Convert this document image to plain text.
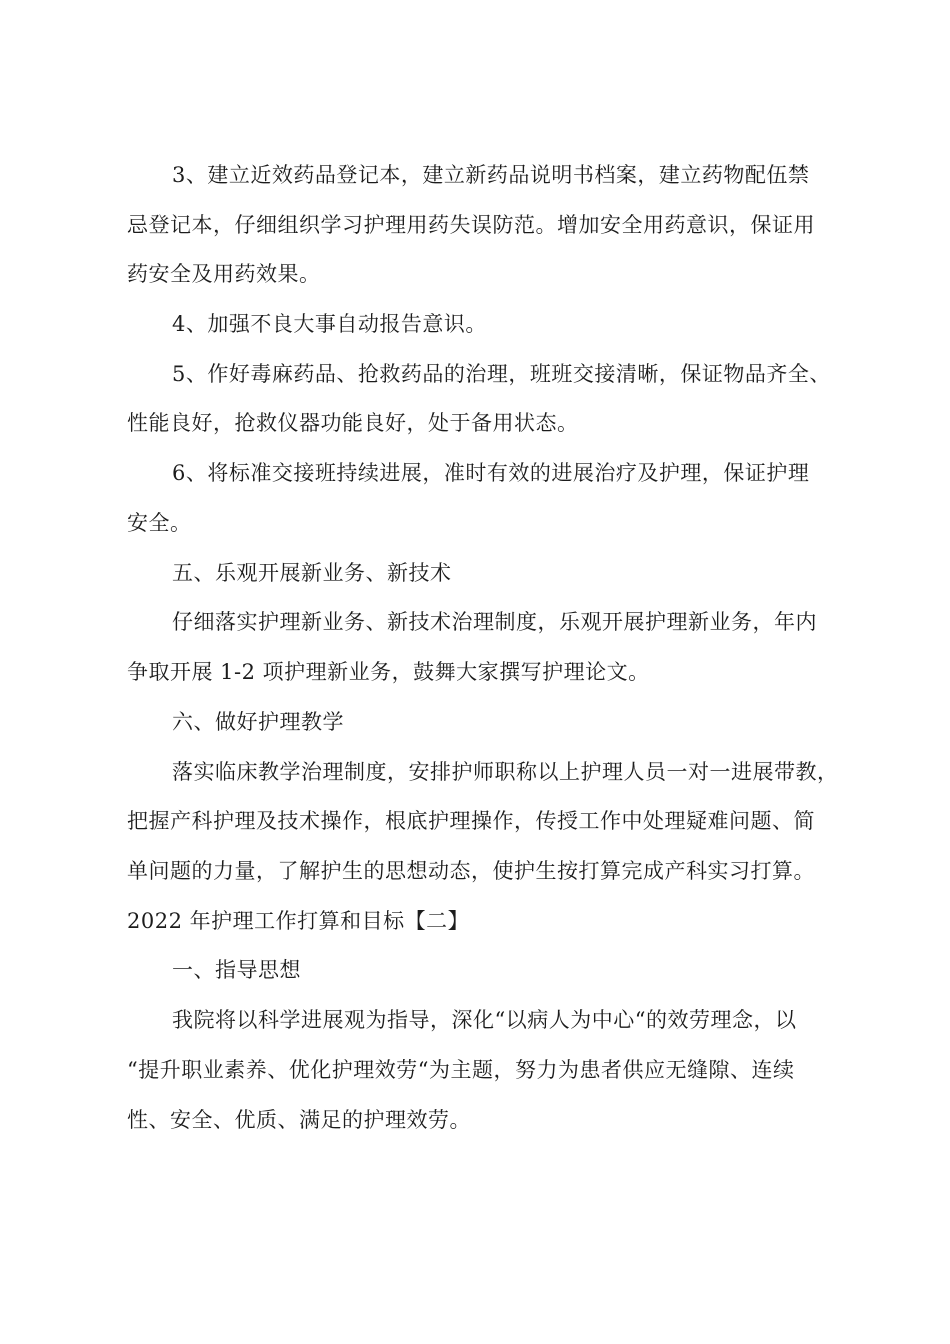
3、建立近效药品登记本，建立新药品说明书档案，建立药物配伍禁
忌登记本，仔细组织学习护理用药失误防范。增加安全用药意识，保证用
药安全及用药效果。
4、加强不良大事自动报告意识。
5、作好毒麻药品、抢救药品的治理，班班交接清晰，保证物品齐全、
性能良好，抢救仪器功能良好，处于备用状态。
6、将标准交接班持续进展，准时有效的进展治疗及护理，保证护理
安全。
五、乐观开展新业务、新技术
仔细落实护理新业务、新技术治理制度，乐观开展护理新业务，年内
争取开展 1-2 项护理新业务，鼓舞大家撰写护理论文。
六、做好护理教学
落实临床教学治理制度，安排护师职称以上护理人员一对一进展带教，
把握产科护理及技术操作，根底护理操作，传授工作中处理疑难问题、简
单问题的力量，了解护生的思想动态，使护生按打算完成产科实习打算。
2022 年护理工作打算和目标【二】
一、指导思想
我院将以科学进展观为指导，深化“以病人为中心“的效劳理念，以
“提升职业素养、优化护理效劳“为主题，努力为患者供应无缝隙、连续
性、安全、优质、满足的护理效劳。
